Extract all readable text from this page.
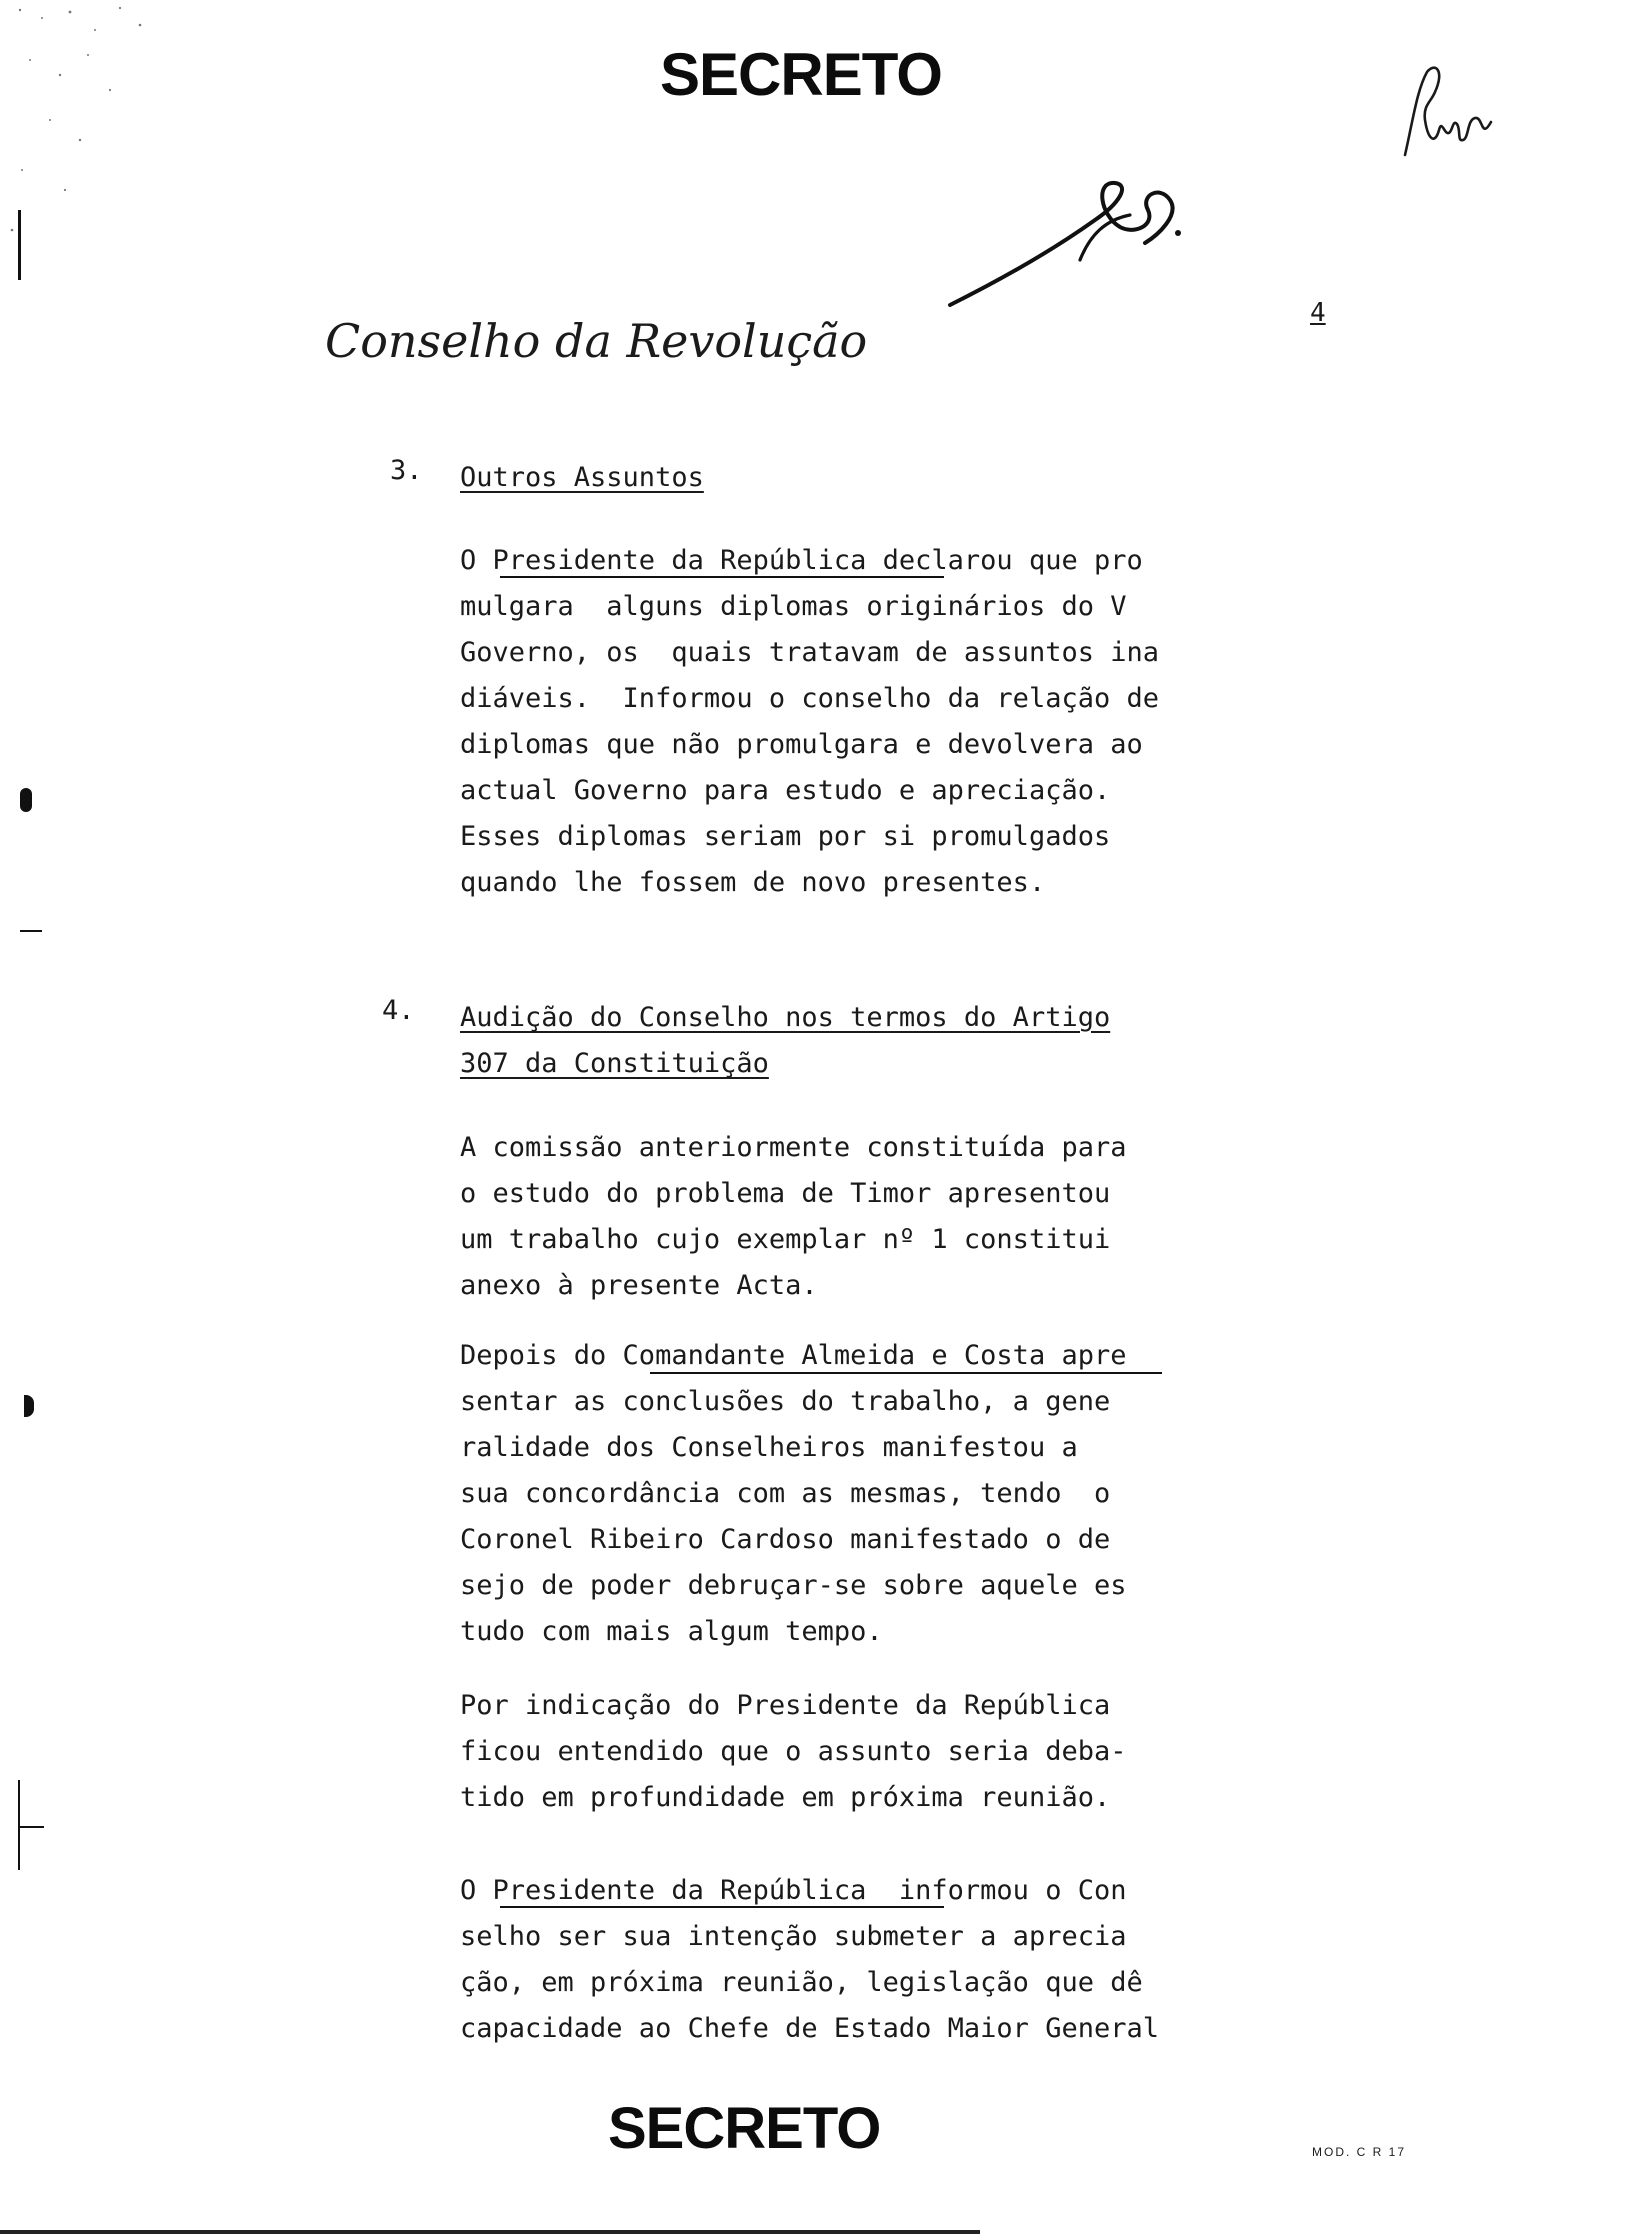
SECRETO
Conselho da Revolução
4
3. Outros Assuntos
O Presidente da República declarou que pro
mulgara  alguns diplomas originários do V
Governo, os  quais tratavam de assuntos ina
diáveis.  Informou o conselho da relação de
diplomas que não promulgara e devolvera ao
actual Governo para estudo e apreciação.
Esses diplomas seriam por si promulgados
quando lhe fossem de novo presentes.
4. Audição do Conselho nos termos do Artigo
307 da Constituição
A comissão anteriormente constituída para
o estudo do problema de Timor apresentou
um trabalho cujo exemplar nº 1 constitui
anexo à presente Acta.
Depois do Comandante Almeida e Costa apre
sentar as conclusões do trabalho, a gene
ralidade dos Conselheiros manifestou a
sua concordância com as mesmas, tendo  o
Coronel Ribeiro Cardoso manifestado o de
sejo de poder debruçar-se sobre aquele es
tudo com mais algum tempo.
Por indicação do Presidente da República
ficou entendido que o assunto seria deba-
tido em profundidade em próxima reunião.
O Presidente da República  informou o Con
selho ser sua intenção submeter a aprecia
ção, em próxima reunião, legislação que dê
capacidade ao Chefe de Estado Maior General
SECRETO	MOD. C R 17
